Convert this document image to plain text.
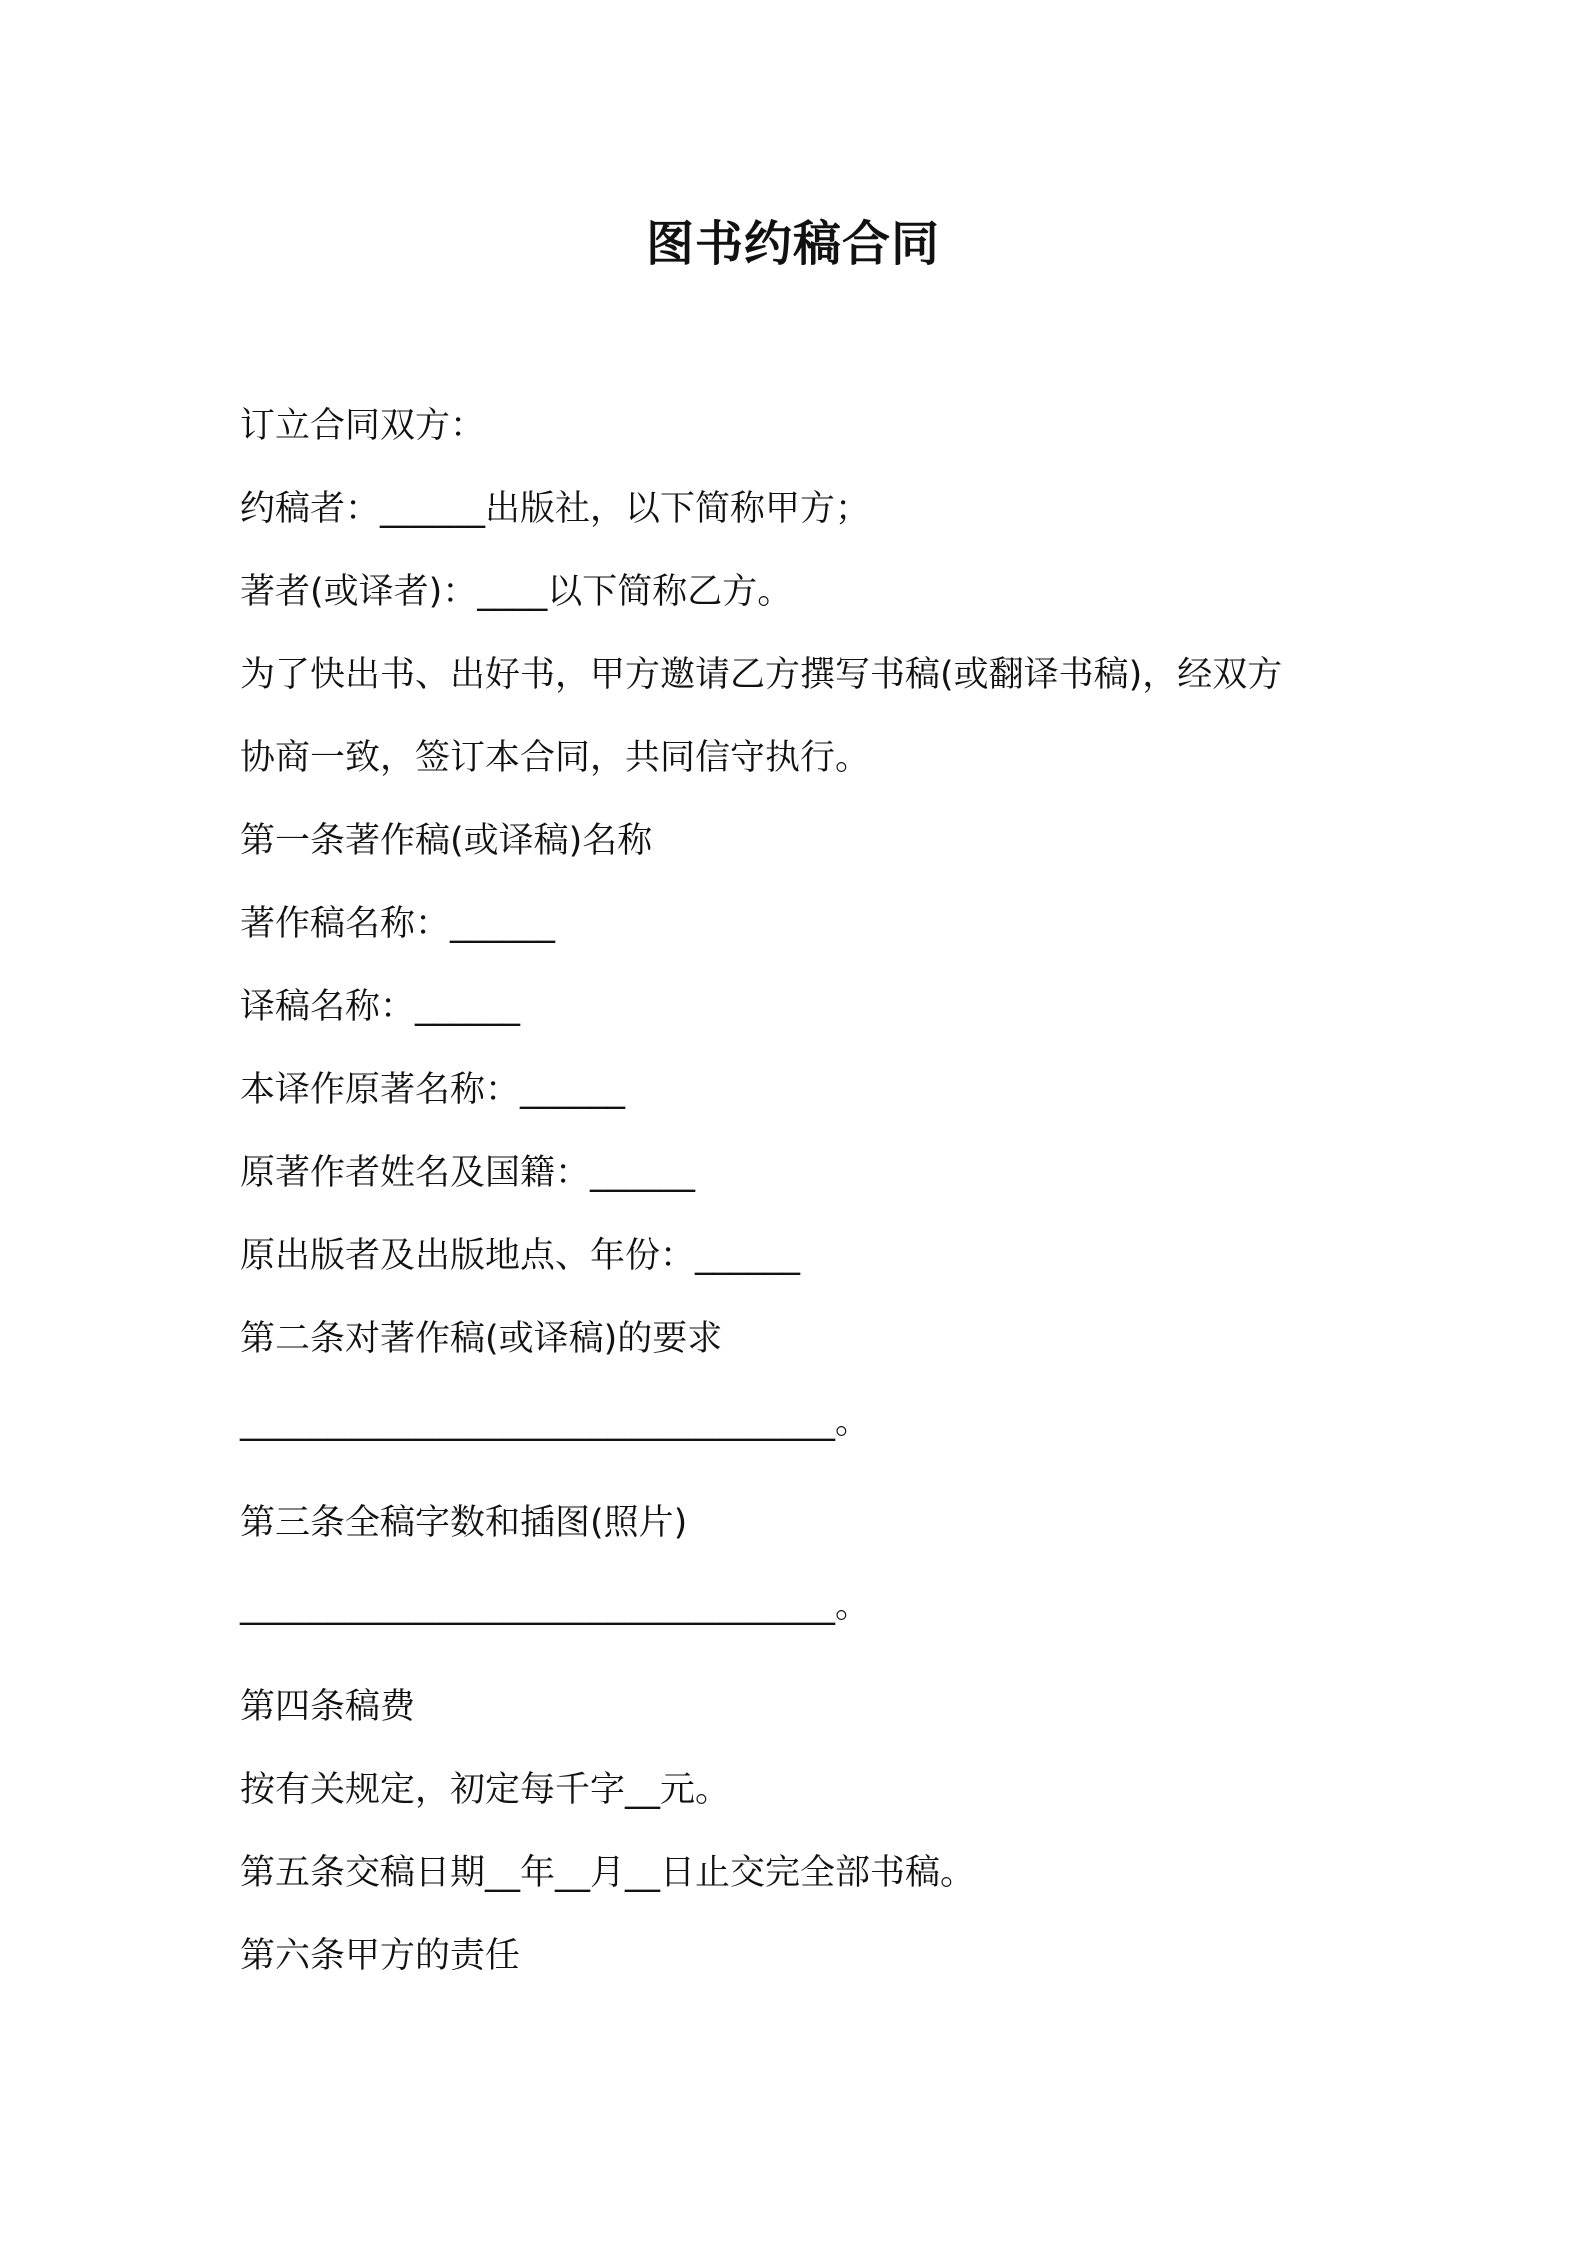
图书约稿合同
订立合同双方：
约稿者：______出版社，以下简称甲方；
著者(或译者)：____以下简称乙方。
为了快出书、出好书，甲方邀请乙方撰写书稿(或翻译书稿)，经双方
协商一致，签订本合同，共同信守执行。
第一条著作稿(或译稿)名称
著作稿名称：______
译稿名称：______
本译作原著名称：______
原著作者姓名及国籍：______
原出版者及出版地点、年份：______
第二条对著作稿(或译稿)的要求
__________________________________。
第三条全稿字数和插图(照片)
__________________________________。
第四条稿费
按有关规定，初定每千字__元。
第五条交稿日期__年__月__日止交完全部书稿。
第六条甲方的责任
